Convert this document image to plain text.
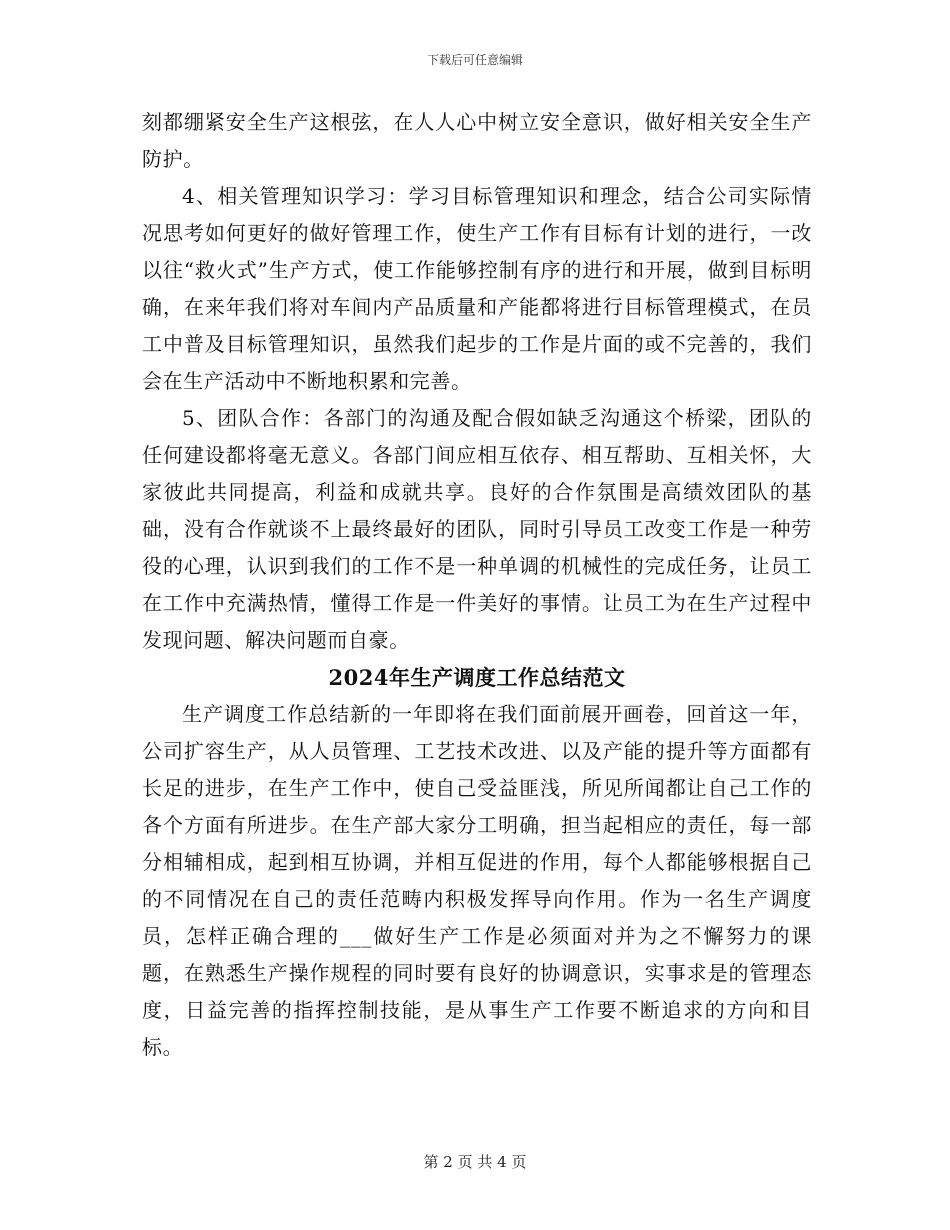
下载后可任意编辑

刻都绷紧安全生产这根弦，在人人心中树立安全意识，做好相关安全生产防护。

4、相关管理知识学习：学习目标管理知识和理念，结合公司实际情况思考如何更好的做好管理工作，使生产工作有目标有计划的进行，一改以往“救火式”生产方式，使工作能够控制有序的进行和开展，做到目标明确，在来年我们将对车间内产品质量和产能都将进行目标管理模式，在员工中普及目标管理知识，虽然我们起步的工作是片面的或不完善的，我们会在生产活动中不断地积累和完善。

5、团队合作：各部门的沟通及配合假如缺乏沟通这个桥梁，团队的任何建设都将毫无意义。各部门间应相互依存、相互帮助、互相关怀，大家彼此共同提高，利益和成就共享。良好的合作氛围是高绩效团队的基础，没有合作就谈不上最终最好的团队，同时引导员工改变工作是一种劳役的心理，认识到我们的工作不是一种单调的机械性的完成任务，让员工在工作中充满热情，懂得工作是一件美好的事情。让员工为在生产过程中发现问题、解决问题而自豪。

2024年生产调度工作总结范文

生产调度工作总结新的一年即将在我们面前展开画卷，回首这一年，公司扩容生产，从人员管理、工艺技术改进、以及产能的提升等方面都有长足的进步，在生产工作中，使自己受益匪浅，所见所闻都让自己工作的各个方面有所进步。在生产部大家分工明确，担当起相应的责任，每一部分相辅相成，起到相互协调，并相互促进的作用，每个人都能够根据自己的不同情况在自己的责任范畴内积极发挥导向作用。作为一名生产调度员，怎样正确合理的___做好生产工作是必须面对并为之不懈努力的课题，在熟悉生产操作规程的同时要有良好的协调意识，实事求是的管理态度，日益完善的指挥控制技能，是从事生产工作要不断追求的方向和目标。

第 2 页 共 4 页
